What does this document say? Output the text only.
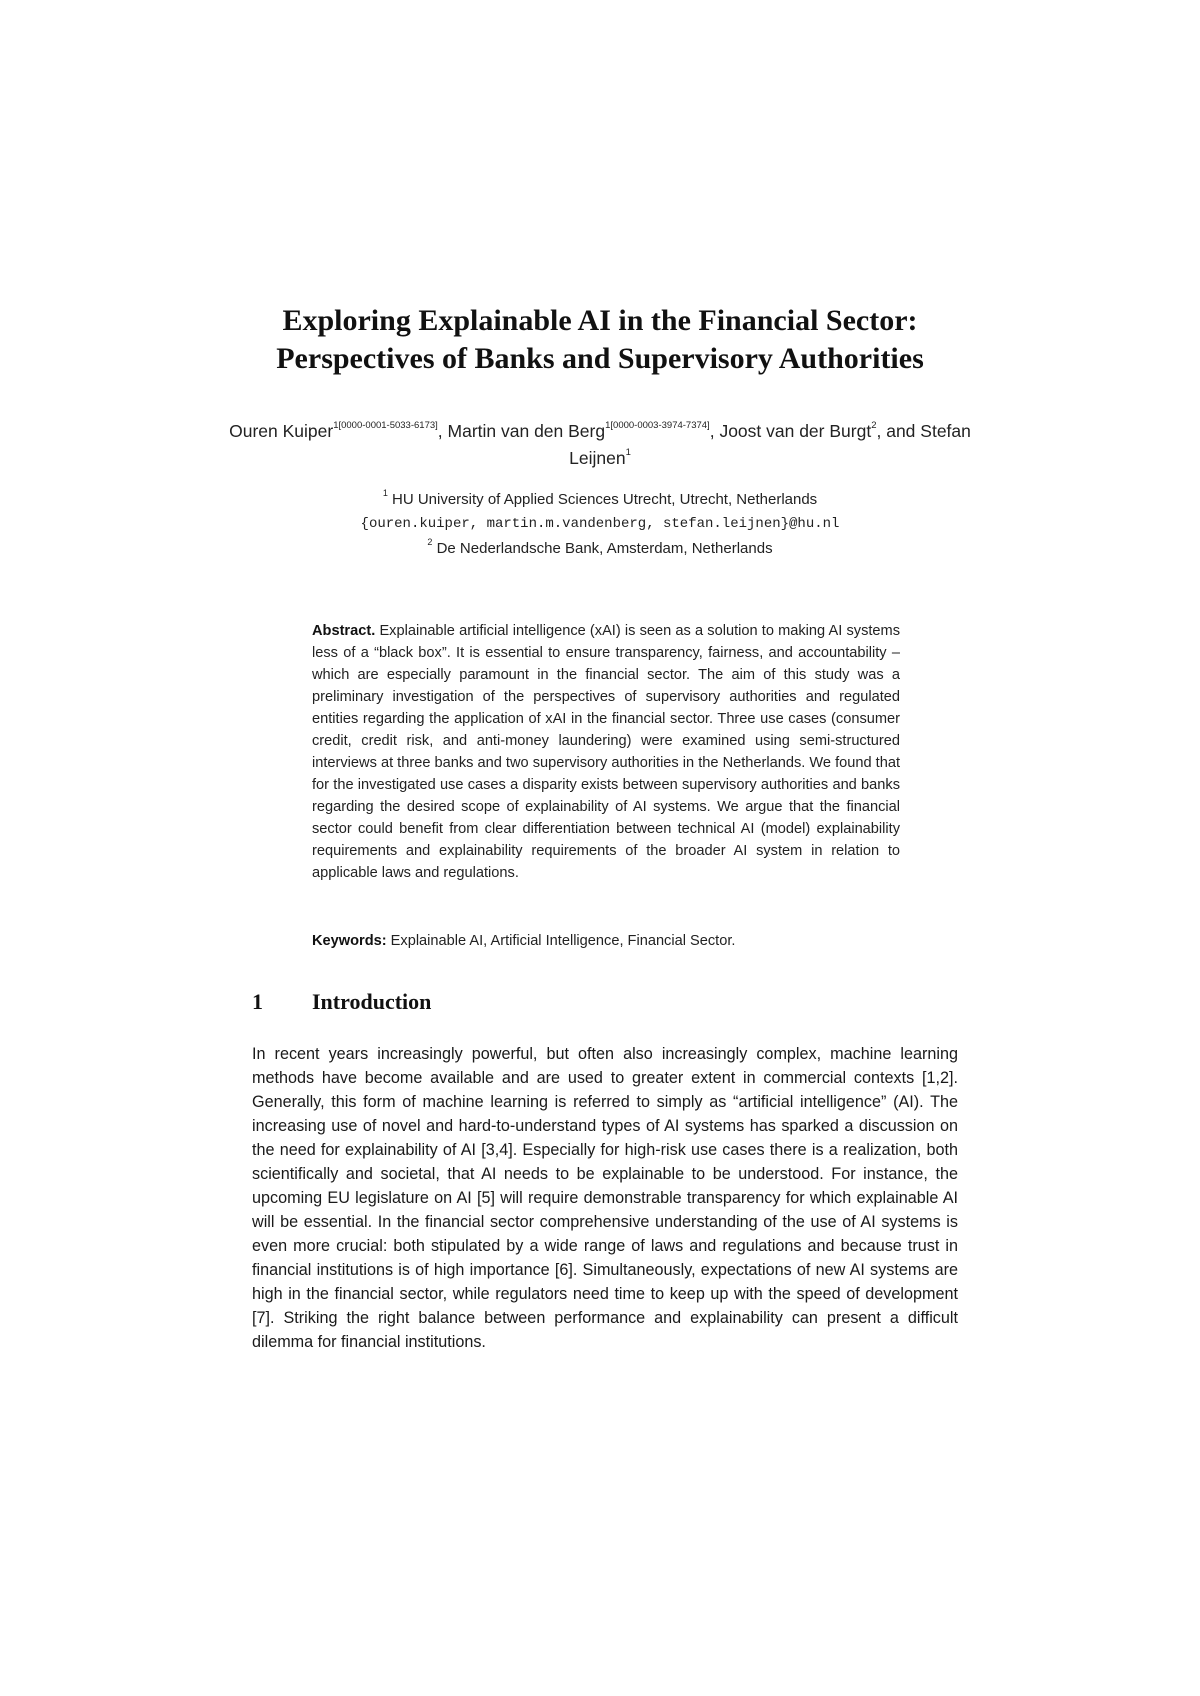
Exploring Explainable AI in the Financial Sector:
Perspectives of Banks and Supervisory Authorities
Ouren Kuiper$^{1[0000-0001-5033-6173]}$, Martin van den Berg$^{1[0000-0003-3974-7374]}$, Joost van der Burgt$^2$, and Stefan Leijnen$^1$
$^1$ HU University of Applied Sciences Utrecht, Utrecht, Netherlands
{ouren.kuiper, martin.m.vandenberg, stefan.leijnen}@hu.nl
$^2$ De Nederlandsche Bank, Amsterdam, Netherlands

Abstract. Explainable artificial intelligence (xAI) is seen as a solution to making AI systems less of a “black box”. It is essential to ensure transparency, fairness, and accountability – which are especially paramount in the financial sector. The aim of this study was a preliminary investigation of the perspectives of supervisory authorities and regulated entities regarding the application of xAI in the financial sector. Three use cases (consumer credit, credit risk, and anti-money laundering) were examined using semi-structured interviews at three banks and two supervisory authorities in the Netherlands. We found that for the investigated use cases a disparity exists between supervisory authorities and banks regarding the desired scope of explainability of AI systems. We argue that the financial sector could benefit from clear differentiation between technical AI (model) explainability requirements and explainability requirements of the broader AI system in relation to applicable laws and regulations.

Keywords: Explainable AI, Artificial Intelligence, Financial Sector.

1 Introduction

In recent years increasingly powerful, but often also increasingly complex, machine learning methods have become available and are used to greater extent in commercial contexts [1,2]. Generally, this form of machine learning is referred to simply as “artificial intelligence” (AI). The increasing use of novel and hard-to-understand types of AI systems has sparked a discussion on the need for explainability of AI [3,4]. Especially for high-risk use cases there is a realization, both scientifically and societal, that AI needs to be explainable to be understood. For instance, the upcoming EU legislature on AI [5] will require demonstrable transparency for which explainable AI will be essential. In the financial sector comprehensive understanding of the use of AI systems is even more crucial: both stipulated by a wide range of laws and regulations and because trust in financial institutions is of high importance [6]. Simultaneously, expectations of new AI systems are high in the financial sector, while regulators need time to keep up with the speed of development [7]. Striking the right balance between performance and explainability can present a difficult dilemma for financial institutions.
